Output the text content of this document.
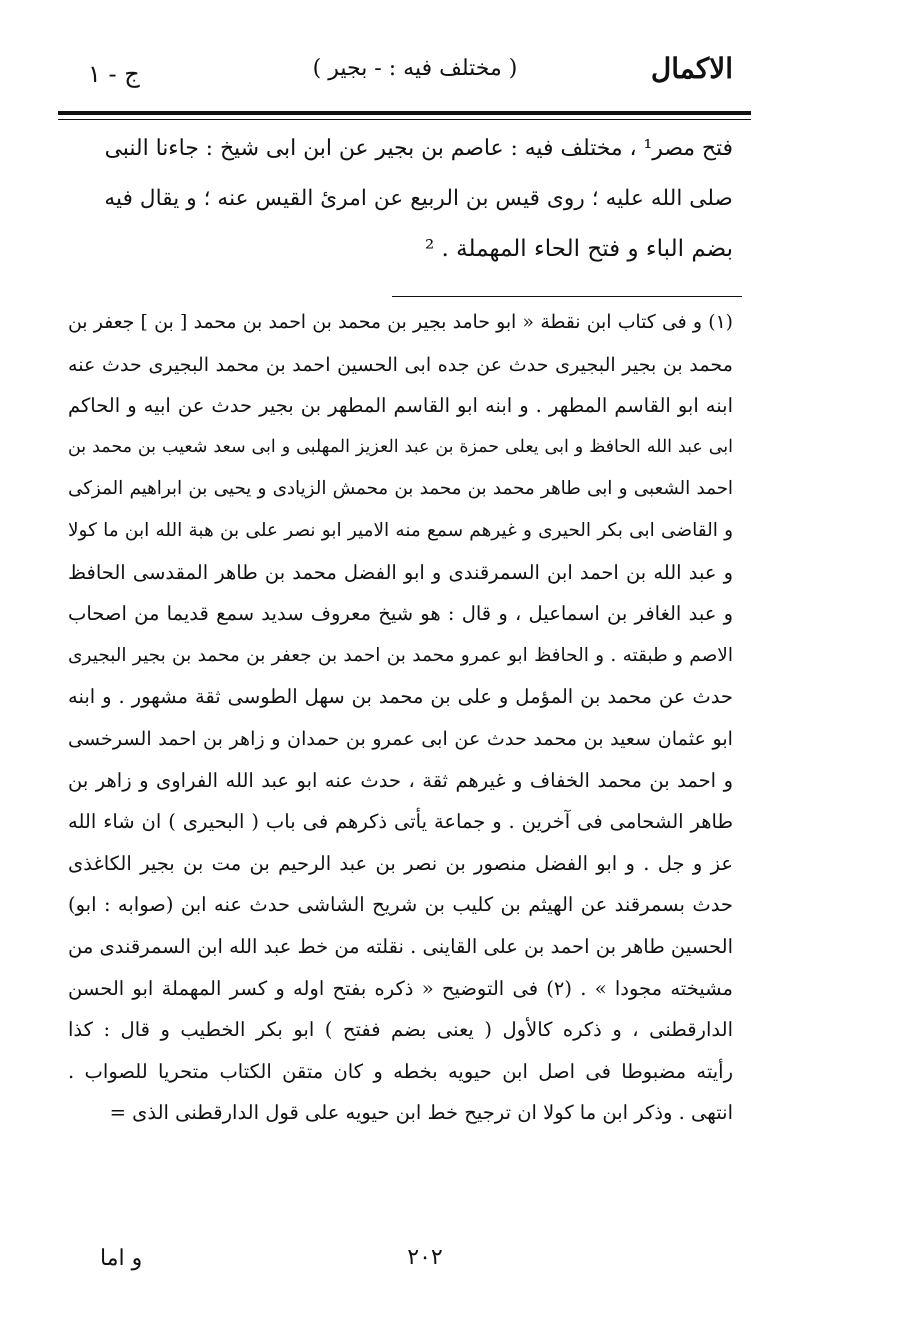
الاكمال
( مختلف فيه : - بجير )
ج - ١
فتح مصر¹ ، مختلف فيه : عاصم بن بجير عن ابن ابى شيخ : جاءنا النبى
صلى الله عليه ؛ روى قيس بن الربيع عن امرئ القيس عنه ؛ و يقال فيه
بضم الباء و فتح الحاء المهملة . ²
(١) و فى كتاب ابن نقطة « ابو حامد بجير بن محمد بن احمد بن محمد [ بن ] جعفر بن
محمد بن بجير البجيرى حدث عن جده ابى الحسين احمد بن محمد البجيرى حدث عنه
ابنه ابو القاسم المطهر . و ابنه ابو القاسم المطهر بن بجير حدث عن ابيه و الحاكم
ابى عبد الله الحافظ و ابى يعلى حمزة بن عبد العزيز المهلبى و ابى سعد شعيب بن محمد بن
احمد الشعبى و ابى طاهر محمد بن محمد بن محمش الزيادى و يحيى بن ابراهيم المزكى
و القاضى ابى بكر الحيرى و غيرهم سمع منه الامير ابو نصر على بن هبة الله ابن ما كولا
و عبد الله بن احمد ابن السمرقندى و ابو الفضل محمد بن طاهر المقدسى الحافظ
و عبد الغافر بن اسماعيل ، و قال : هو شيخ معروف سديد سمع قديما من اصحاب
الاصم و طبقته . و الحافظ ابو عمرو محمد بن احمد بن جعفر بن محمد بن بجير البجيرى
حدث عن محمد بن المؤمل و على بن محمد بن سهل الطوسى ثقة مشهور . و ابنه
ابو عثمان سعيد بن محمد حدث عن ابى عمرو بن حمدان و زاهر بن احمد السرخسى
و احمد بن محمد الخفاف و غيرهم ثقة ، حدث عنه ابو عبد الله الفراوى و زاهر بن
طاهر الشحامى فى آخرين . و جماعة يأتى ذكرهم فى باب ( البحيرى ) ان شاء الله
عز و جل . و ابو الفضل منصور بن نصر بن عبد الرحيم بن مت بن بجير الكاغذى
حدث بسمرقند عن الهيثم بن كليب بن شريح الشاشى حدث عنه ابن (صوابه : ابو)
الحسين طاهر بن احمد بن على القاينى . نقلته من خط عبد الله ابن السمرقندى من
مشيخته مجودا » . (٢) فى التوضيح « ذكره بفتح اوله و كسر المهملة ابو الحسن
الدارقطنى ، و ذكره كالأول ( يعنى بضم ففتح ) ابو بكر الخطيب و قال : كذا
رأيته مضبوطا فى اصل ابن حيويه بخطه و كان متقن الكتاب متحريا للصواب .
انتهى . وذكر ابن ما كولا ان ترجيح خط ابن حيويه على قول الدارقطنى الذى =
٢٠٢
و اما
